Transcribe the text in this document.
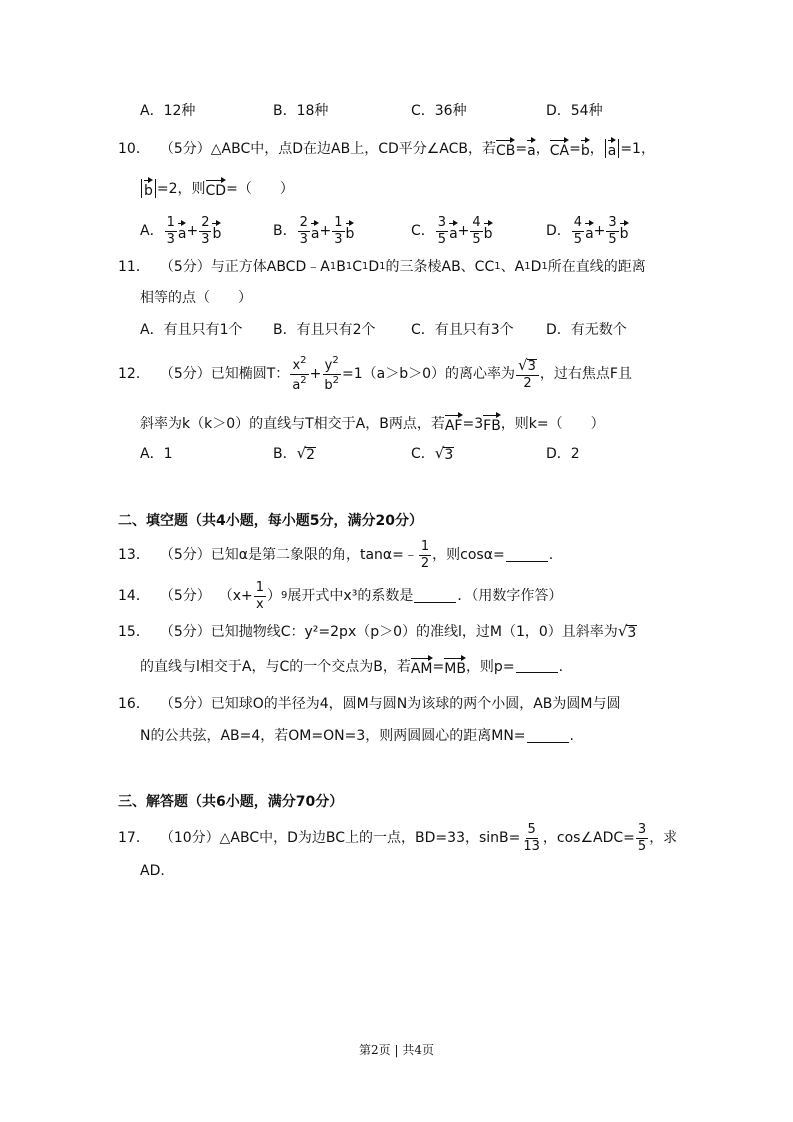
A．12种	B．18种	C．36种	D．54种
10． （5分） △ABC中，点D在边AB上，CD平分∠ACB，若 CB = a ， CA = b ， a =1，
b =2，则 CD =（　　）
A． $\frac{1}{3}$ $a + \frac{2}{3}$ b	B． $\frac{2}{3}$ $a + \frac{1}{3}$ b	C． $\frac{3}{5}$ $a + \frac{4}{5}$ b	D． $\frac{4}{5}$ $a + \frac{3}{5}$ b
11． （5分） 与正方体ABCD﹣A 1 B 1 C 1 D 1 的三条棱AB、CC 1 、A 1 D 1 所在直线的距离
相等的点（　　）
A．有且只有1个 B．有且只有2个	C．有且只有3个 D．有无数个
12． （5分） 已知椭圆T： $\frac{x^2}{a^2} + \frac{y^2}{b^2} =1(a>b>0)$的离心率为 $\frac{√ 3}{2}$ ，过右焦点F且
斜率为k（k＞0）的直线与T相交于A，B两点，若 AF =3 FB ，则k=（　　）
A．1	B． √ 2	C． √ 3	D．2
二、填空题（共4小题，每小题5分，满分20分）
13． （5分） 已知α是第二象限的角，tanα=﹣ $\frac{1}{2}$ ，则cosα=	.
14． （5分） （$x+ \frac{1}{x}$ ） 9 展开式中x³的系数是	．（用数字作答）
15． （5分） 已知抛物线C：y²=2px（p＞0）的准线l，过M（1，0）且斜率为 √ 3
的直线与l相交于A，与C的一个交点为B，若 AM = MB ，则p=	.
16． （5分） 已知球O的半径为4，圆M与圆N为该球的两个小圆，AB为圆M与圆
N的公共弦，AB=4，若OM=ON=3，则两圆圆心的距离MN=	.
三、解答题（共6小题，满分70分）
17． （10分） △ABC中，D为边BC上的一点，BD=33，$\sin B= \frac{5}{13}$ ，cos∠ADC= $\frac{3}{5}$ ，求
AD.
第2页 | 共4页
